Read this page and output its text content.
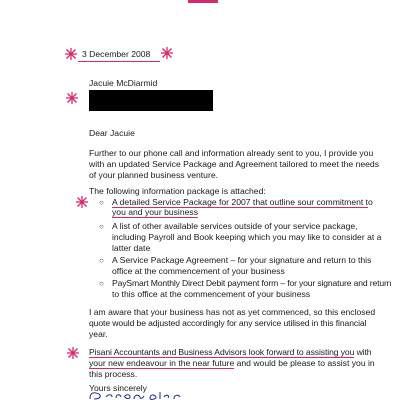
3 December 2008
Jacuie McDiarmid
Dear Jacuie
Further to our phone call and information already sent to you, I provide you
with an updated Service Package and Agreement tailored to meet the needs
of your planned business venture.
The following information package is attached:
○ A detailed Service Package for 2007 that outline sour commitment to
you and your business
○ A list of other available services outside of your service package,
including Payroll and Book keeping which you may like to consider at a
latter date
○ A Service Package Agreement – for your signature and return to this
office at the commencement of your business
○ PaySmart Monthly Direct Debit payment form – for your signature and return
to this office at the commencement of your business
I am aware that your business has not as yet commenced, so this enclosed
quote would be adjusted accordingly for any service utilised in this financial
year.
Pisani Accountants and Business Advisors look forward to assisting you with
your new endeavour in the near future and would be please to assist you in
this process.
Yours sincerely
